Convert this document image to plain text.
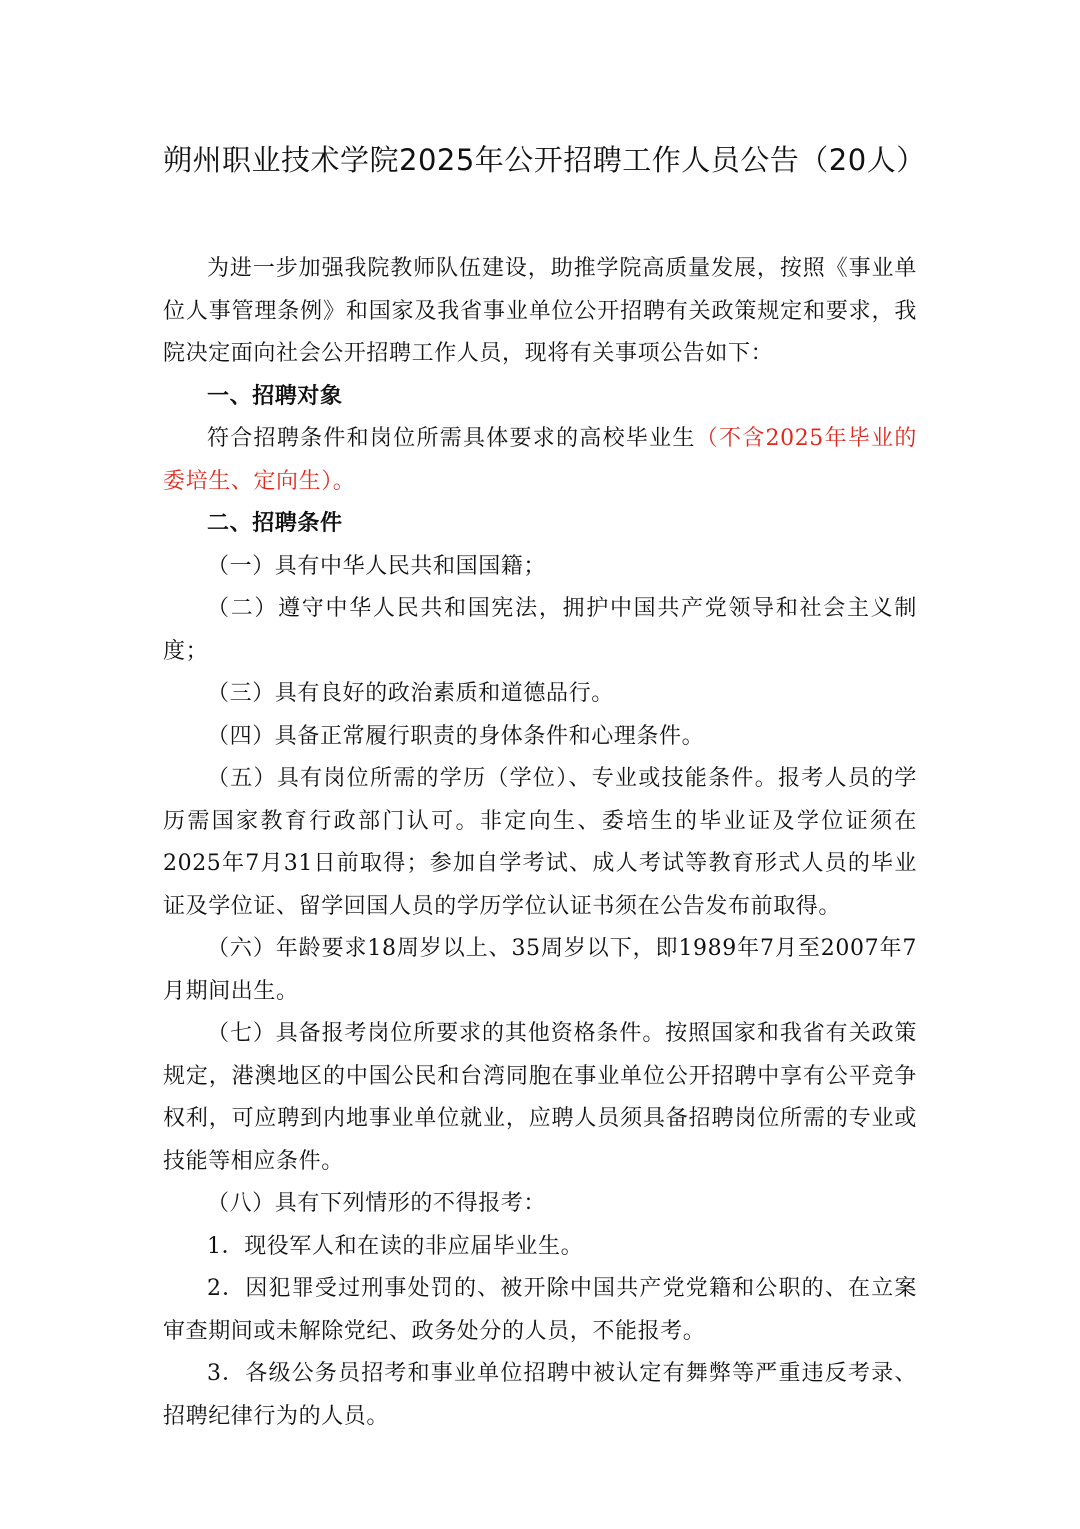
朔州职业技术学院2025年公开招聘工作人员公告（20人）

为进一步加强我院教师队伍建设，助推学院高质量发展，按照《事业单位人事管理条例》和国家及我省事业单位公开招聘有关政策规定和要求，我院决定面向社会公开招聘工作人员，现将有关事项公告如下：

一、招聘对象

符合招聘条件和岗位所需具体要求的高校毕业生（不含2025年毕业的委培生、定向生）。

二、招聘条件

（一）具有中华人民共和国国籍；

（二）遵守中华人民共和国宪法，拥护中国共产党领导和社会主义制度；

（三）具有良好的政治素质和道德品行。

（四）具备正常履行职责的身体条件和心理条件。

（五）具有岗位所需的学历（学位）、专业或技能条件。报考人员的学历需国家教育行政部门认可。非定向生、委培生的毕业证及学位证须在2025年7月31日前取得；参加自学考试、成人考试等教育形式人员的毕业证及学位证、留学回国人员的学历学位认证书须在公告发布前取得。

（六）年龄要求18周岁以上、35周岁以下，即1989年7月至2007年7月期间出生。

（七）具备报考岗位所要求的其他资格条件。按照国家和我省有关政策规定，港澳地区的中国公民和台湾同胞在事业单位公开招聘中享有公平竞争权利，可应聘到内地事业单位就业，应聘人员须具备招聘岗位所需的专业或技能等相应条件。

（八）具有下列情形的不得报考：

1．现役军人和在读的非应届毕业生。

2．因犯罪受过刑事处罚的、被开除中国共产党党籍和公职的、在立案审查期间或未解除党纪、政务处分的人员，不能报考。

3．各级公务员招考和事业单位招聘中被认定有舞弊等严重违反考录、招聘纪律行为的人员。
